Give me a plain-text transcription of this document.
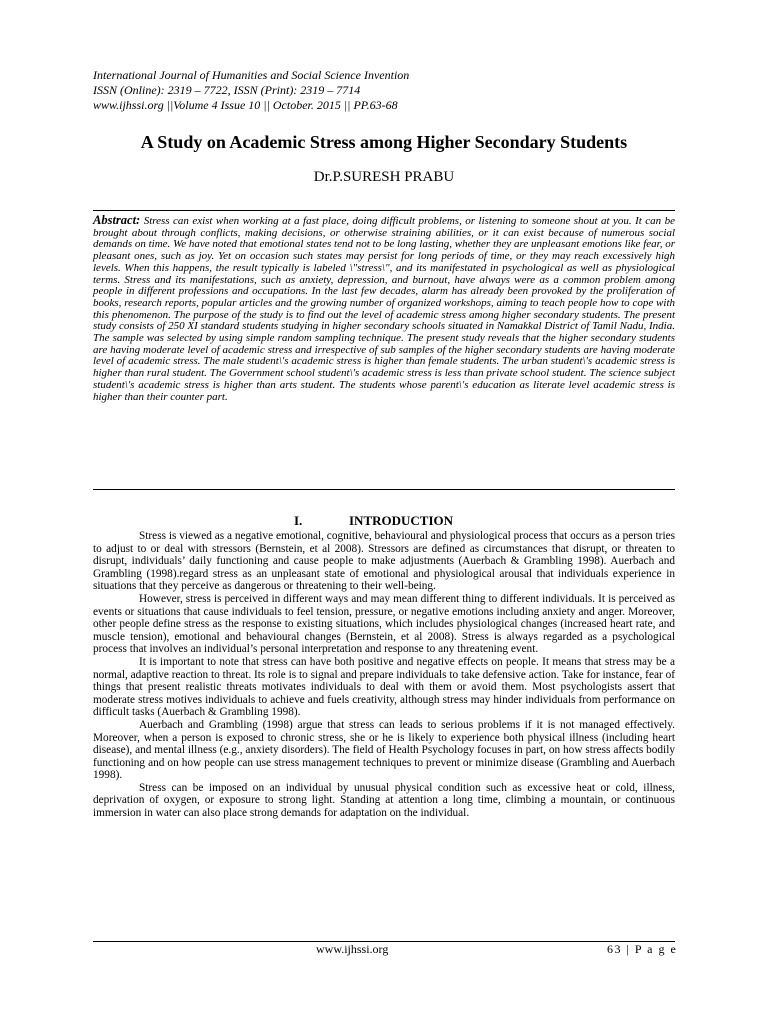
International Journal of Humanities and Social Science Invention
ISSN (Online): 2319 – 7722, ISSN (Print): 2319 – 7714
www.ijhssi.org ||Volume 4 Issue 10 || October. 2015 || PP.63-68
A Study on Academic Stress among Higher Secondary Students
Dr.P.SURESH PRABU
Abstract: Stress can exist when working at a fast place, doing difficult problems, or listening to someone shout at you. It can be brought about through conflicts, making decisions, or otherwise straining abilities, or it can exist because of numerous social demands on time. We have noted that emotional states tend not to be long lasting, whether they are unpleasant emotions like fear, or pleasant ones, such as joy. Yet on occasion such states may persist for long periods of time, or they may reach excessively high levels. When this happens, the result typically is labeled \"stress\", and its manifestated in psychological as well as physiological terms. Stress and its manifestations, such as anxiety, depression, and burnout, have always were as a common problem among people in different professions and occupations. In the last few decades, alarm has already been provoked by the proliferation of books, research reports, popular articles and the growing number of organized workshops, aiming to teach people how to cope with this phenomenon. The purpose of the study is to find out the level of academic stress among higher secondary students. The present study consists of 250 XI standard students studying in higher secondary schools situated in Namakkal District of Tamil Nadu, India. The sample was selected by using simple random sampling technique. The present study reveals that the higher secondary students are having moderate level of academic stress and irrespective of sub samples of the higher secondary students are having moderate level of academic stress. The male student\'s academic stress is higher than female students. The urban student\'s academic stress is higher than rural student. The Government school student\'s academic stress is less than private school student. The science subject student\'s academic stress is higher than arts student. The students whose parent\'s education as literate level academic stress is higher than their counter part.
I.	INTRODUCTION

Stress is viewed as a negative emotional, cognitive, behavioural and physiological process that occurs as a person tries to adjust to or deal with stressors (Bernstein, et al 2008). Stressors are defined as circumstances that disrupt, or threaten to disrupt, individuals’ daily functioning and cause people to make adjustments (Auerbach & Grambling 1998). Auerbach and Grambling (1998).regard stress as an unpleasant state of emotional and physiological arousal that individuals experience in situations that they perceive as dangerous or threatening to their well-being.

However, stress is perceived in different ways and may mean different thing to different individuals. It is perceived as events or situations that cause individuals to feel tension, pressure, or negative emotions including anxiety and anger. Moreover, other people define stress as the response to existing situations, which includes physiological changes (increased heart rate, and muscle tension), emotional and behavioural changes (Bernstein, et al 2008). Stress is always regarded as a psychological process that involves an individual’s personal interpretation and response to any threatening event.

It is important to note that stress can have both positive and negative effects on people. It means that stress may be a normal, adaptive reaction to threat. Its role is to signal and prepare individuals to take defensive action. Take for instance, fear of things that present realistic threats motivates individuals to deal with them or avoid them. Most psychologists assert that moderate stress motives individuals to achieve and fuels creativity, although stress may hinder individuals from performance on difficult tasks (Auerbach & Grambling 1998).

Auerbach and Grambling (1998) argue that stress can leads to serious problems if it is not managed effectively. Moreover, when a person is exposed to chronic stress, she or he is likely to experience both physical illness (including heart disease), and mental illness (e.g., anxiety disorders). The field of Health Psychology focuses in part, on how stress affects bodily functioning and on how people can use stress management techniques to prevent or minimize disease (Grambling and Auerbach 1998).

Stress can be imposed on an individual by unusual physical condition such as excessive heat or cold, illness, deprivation of oxygen, or exposure to strong light. Standing at attention a long time, climbing a mountain, or continuous immersion in water can also place strong demands for adaptation on the individual.

www.ijhssi.org	63 | P a g e
